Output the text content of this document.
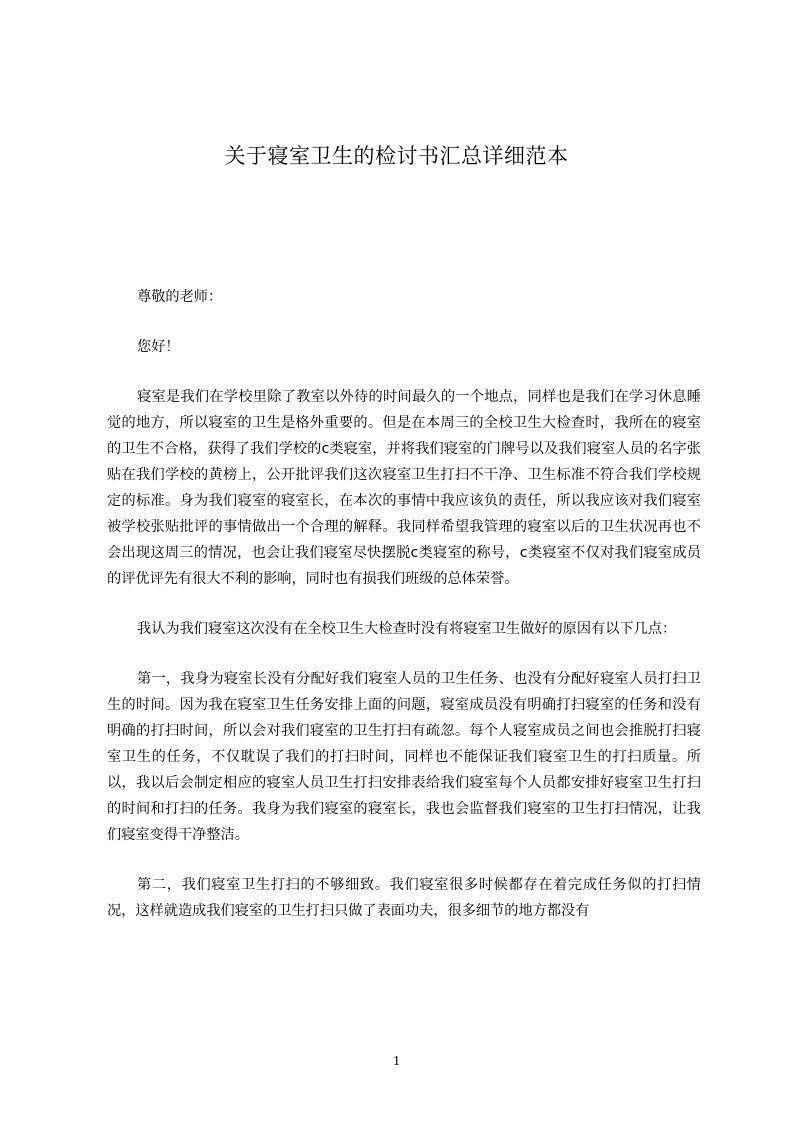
关于寝室卫生的检讨书汇总详细范本

尊敬的老师：

您好！

寝室是我们在学校里除了教室以外待的时间最久的一个地点，同样也是我们在学习休息睡觉的地方，所以寝室的卫生是格外重要的。但是在本周三的全校卫生大检查时，我所在的寝室的卫生不合格，获得了我们学校的c类寝室，并将我们寝室的门牌号以及我们寝室人员的名字张贴在我们学校的黄榜上，公开批评我们这次寝室卫生打扫不干净、卫生标准不符合我们学校规定的标准。身为我们寝室的寝室长，在本次的事情中我应该负的责任，所以我应该对我们寝室被学校张贴批评的事情做出一个合理的解释。我同样希望我管理的寝室以后的卫生状况再也不会出现这周三的情况，也会让我们寝室尽快摆脱c类寝室的称号，c类寝室不仅对我们寝室成员的评优评先有很大不利的影响，同时也有损我们班级的总体荣誉。

我认为我们寝室这次没有在全校卫生大检查时没有将寝室卫生做好的原因有以下几点：

第一，我身为寝室长没有分配好我们寝室人员的卫生任务、也没有分配好寝室人员打扫卫生的时间。因为我在寝室卫生任务安排上面的问题，寝室成员没有明确打扫寝室的任务和没有明确的打扫时间，所以会对我们寝室的卫生打扫有疏忽。每个人寝室成员之间也会推脱打扫寝室卫生的任务，不仅耽误了我们的打扫时间，同样也不能保证我们寝室卫生的打扫质量。所以，我以后会制定相应的寝室人员卫生打扫安排表给我们寝室每个人员都安排好寝室卫生打扫的时间和打扫的任务。我身为我们寝室的寝室长，我也会监督我们寝室的卫生打扫情况，让我们寝室变得干净整洁。

第二，我们寝室卫生打扫的不够细致。我们寝室很多时候都存在着完成任务似的打扫情况，这样就造成我们寝室的卫生打扫只做了表面功夫，很多细节的地方都没有

1
